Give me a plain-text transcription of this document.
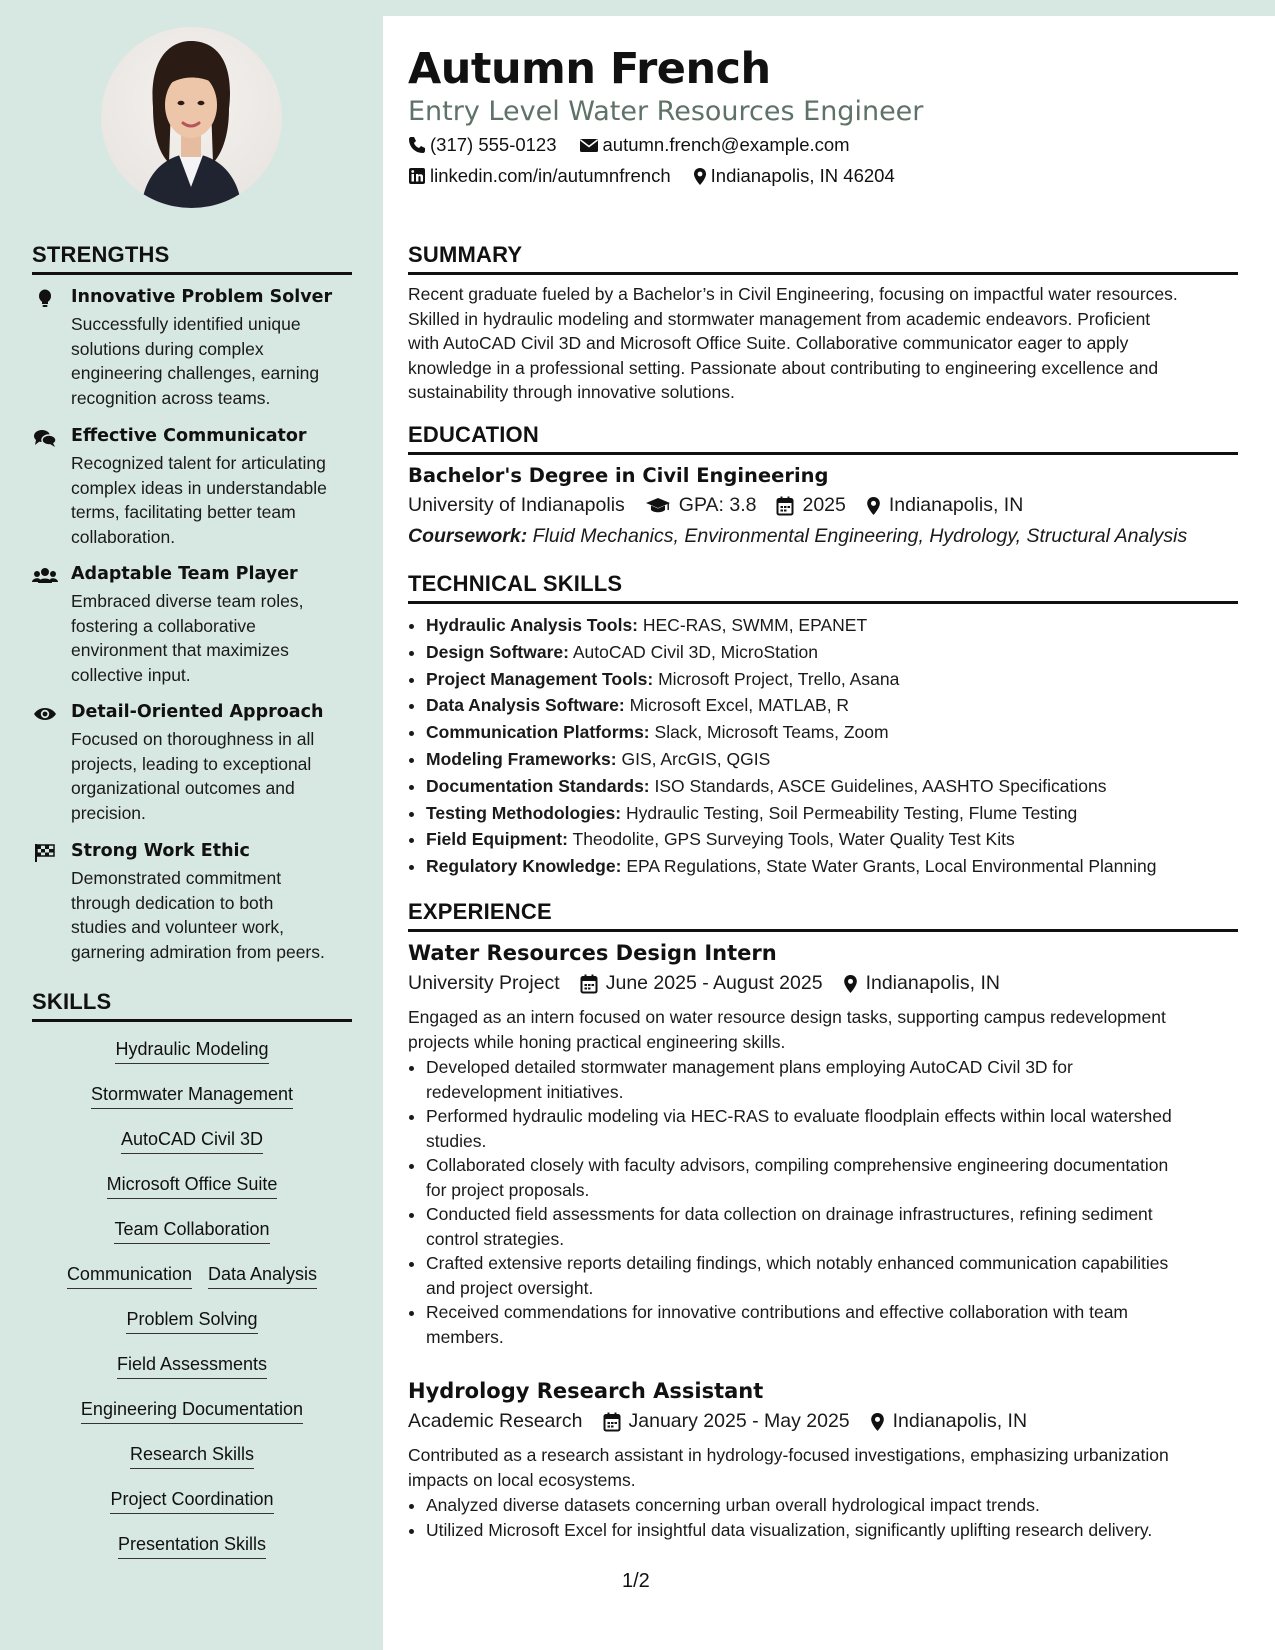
STRENGTHS
Innovative Problem Solver
Successfully identified unique
solutions during complex
engineering challenges, earning
recognition across teams.
Effective Communicator
Recognized talent for articulating
complex ideas in understandable
terms, facilitating better team
collaboration.
Adaptable Team Player
Embraced diverse team roles,
fostering a collaborative
environment that maximizes
collective input.
Detail-Oriented Approach
Focused on thoroughness in all
projects, leading to exceptional
organizational outcomes and
precision.
Strong Work Ethic
Demonstrated commitment
through dedication to both
studies and volunteer work,
garnering admiration from peers.
SKILLS
Hydraulic Modeling
Stormwater Management
AutoCAD Civil 3D
Microsoft Office Suite
Team Collaboration
Communication Data Analysis
Problem Solving
Field Assessments
Engineering Documentation
Research Skills
Project Coordination
Presentation Skills
Autumn French
Entry Level Water Resources Engineer
(317) 555-0123 autumn.french@example.com
linkedin.com/in/autumnfrench Indianapolis, IN 46204
SUMMARY
Recent graduate fueled by a Bachelor’s in Civil Engineering, focusing on impactful water resources.
Skilled in hydraulic modeling and stormwater management from academic endeavors. Proficient
with AutoCAD Civil 3D and Microsoft Office Suite. Collaborative communicator eager to apply
knowledge in a professional setting. Passionate about contributing to engineering excellence and
sustainability through innovative solutions.
EDUCATION
Bachelor's Degree in Civil Engineering
University of Indianapolis	GPA: 3.8 2025 Indianapolis, IN
Coursework: Fluid Mechanics, Environmental Engineering, Hydrology, Structural Analysis
TECHNICAL SKILLS
• Hydraulic Analysis Tools: HEC-RAS, SWMM, EPANET
• Design Software: AutoCAD Civil 3D, MicroStation
• Project Management Tools: Microsoft Project, Trello, Asana
• Data Analysis Software: Microsoft Excel, MATLAB, R
• Communication Platforms: Slack, Microsoft Teams, Zoom
• Modeling Frameworks: GIS, ArcGIS, QGIS
• Documentation Standards: ISO Standards, ASCE Guidelines, AASHTO Specifications
• Testing Methodologies: Hydraulic Testing, Soil Permeability Testing, Flume Testing
• Field Equipment: Theodolite, GPS Surveying Tools, Water Quality Test Kits
• Regulatory Knowledge: EPA Regulations, State Water Grants, Local Environmental Planning
EXPERIENCE
Water Resources Design Intern
University Project June 2025 - August 2025 Indianapolis, IN
Engaged as an intern focused on water resource design tasks, supporting campus redevelopment
projects while honing practical engineering skills.
• Developed detailed stormwater management plans employing AutoCAD Civil 3D for
redevelopment initiatives.
• Performed hydraulic modeling via HEC-RAS to evaluate floodplain effects within local watershed
studies.
• Collaborated closely with faculty advisors, compiling comprehensive engineering documentation
for project proposals.
• Conducted field assessments for data collection on drainage infrastructures, refining sediment
control strategies.
• Crafted extensive reports detailing findings, which notably enhanced communication capabilities
and project oversight.
• Received commendations for innovative contributions and effective collaboration with team
members.
Hydrology Research Assistant
Academic Research January 2025 - May 2025 Indianapolis, IN
Contributed as a research assistant in hydrology-focused investigations, emphasizing urbanization
impacts on local ecosystems.
• Analyzed diverse datasets concerning urban overall hydrological impact trends.
• Utilized Microsoft Excel for insightful data visualization, significantly uplifting research delivery.
1/2
